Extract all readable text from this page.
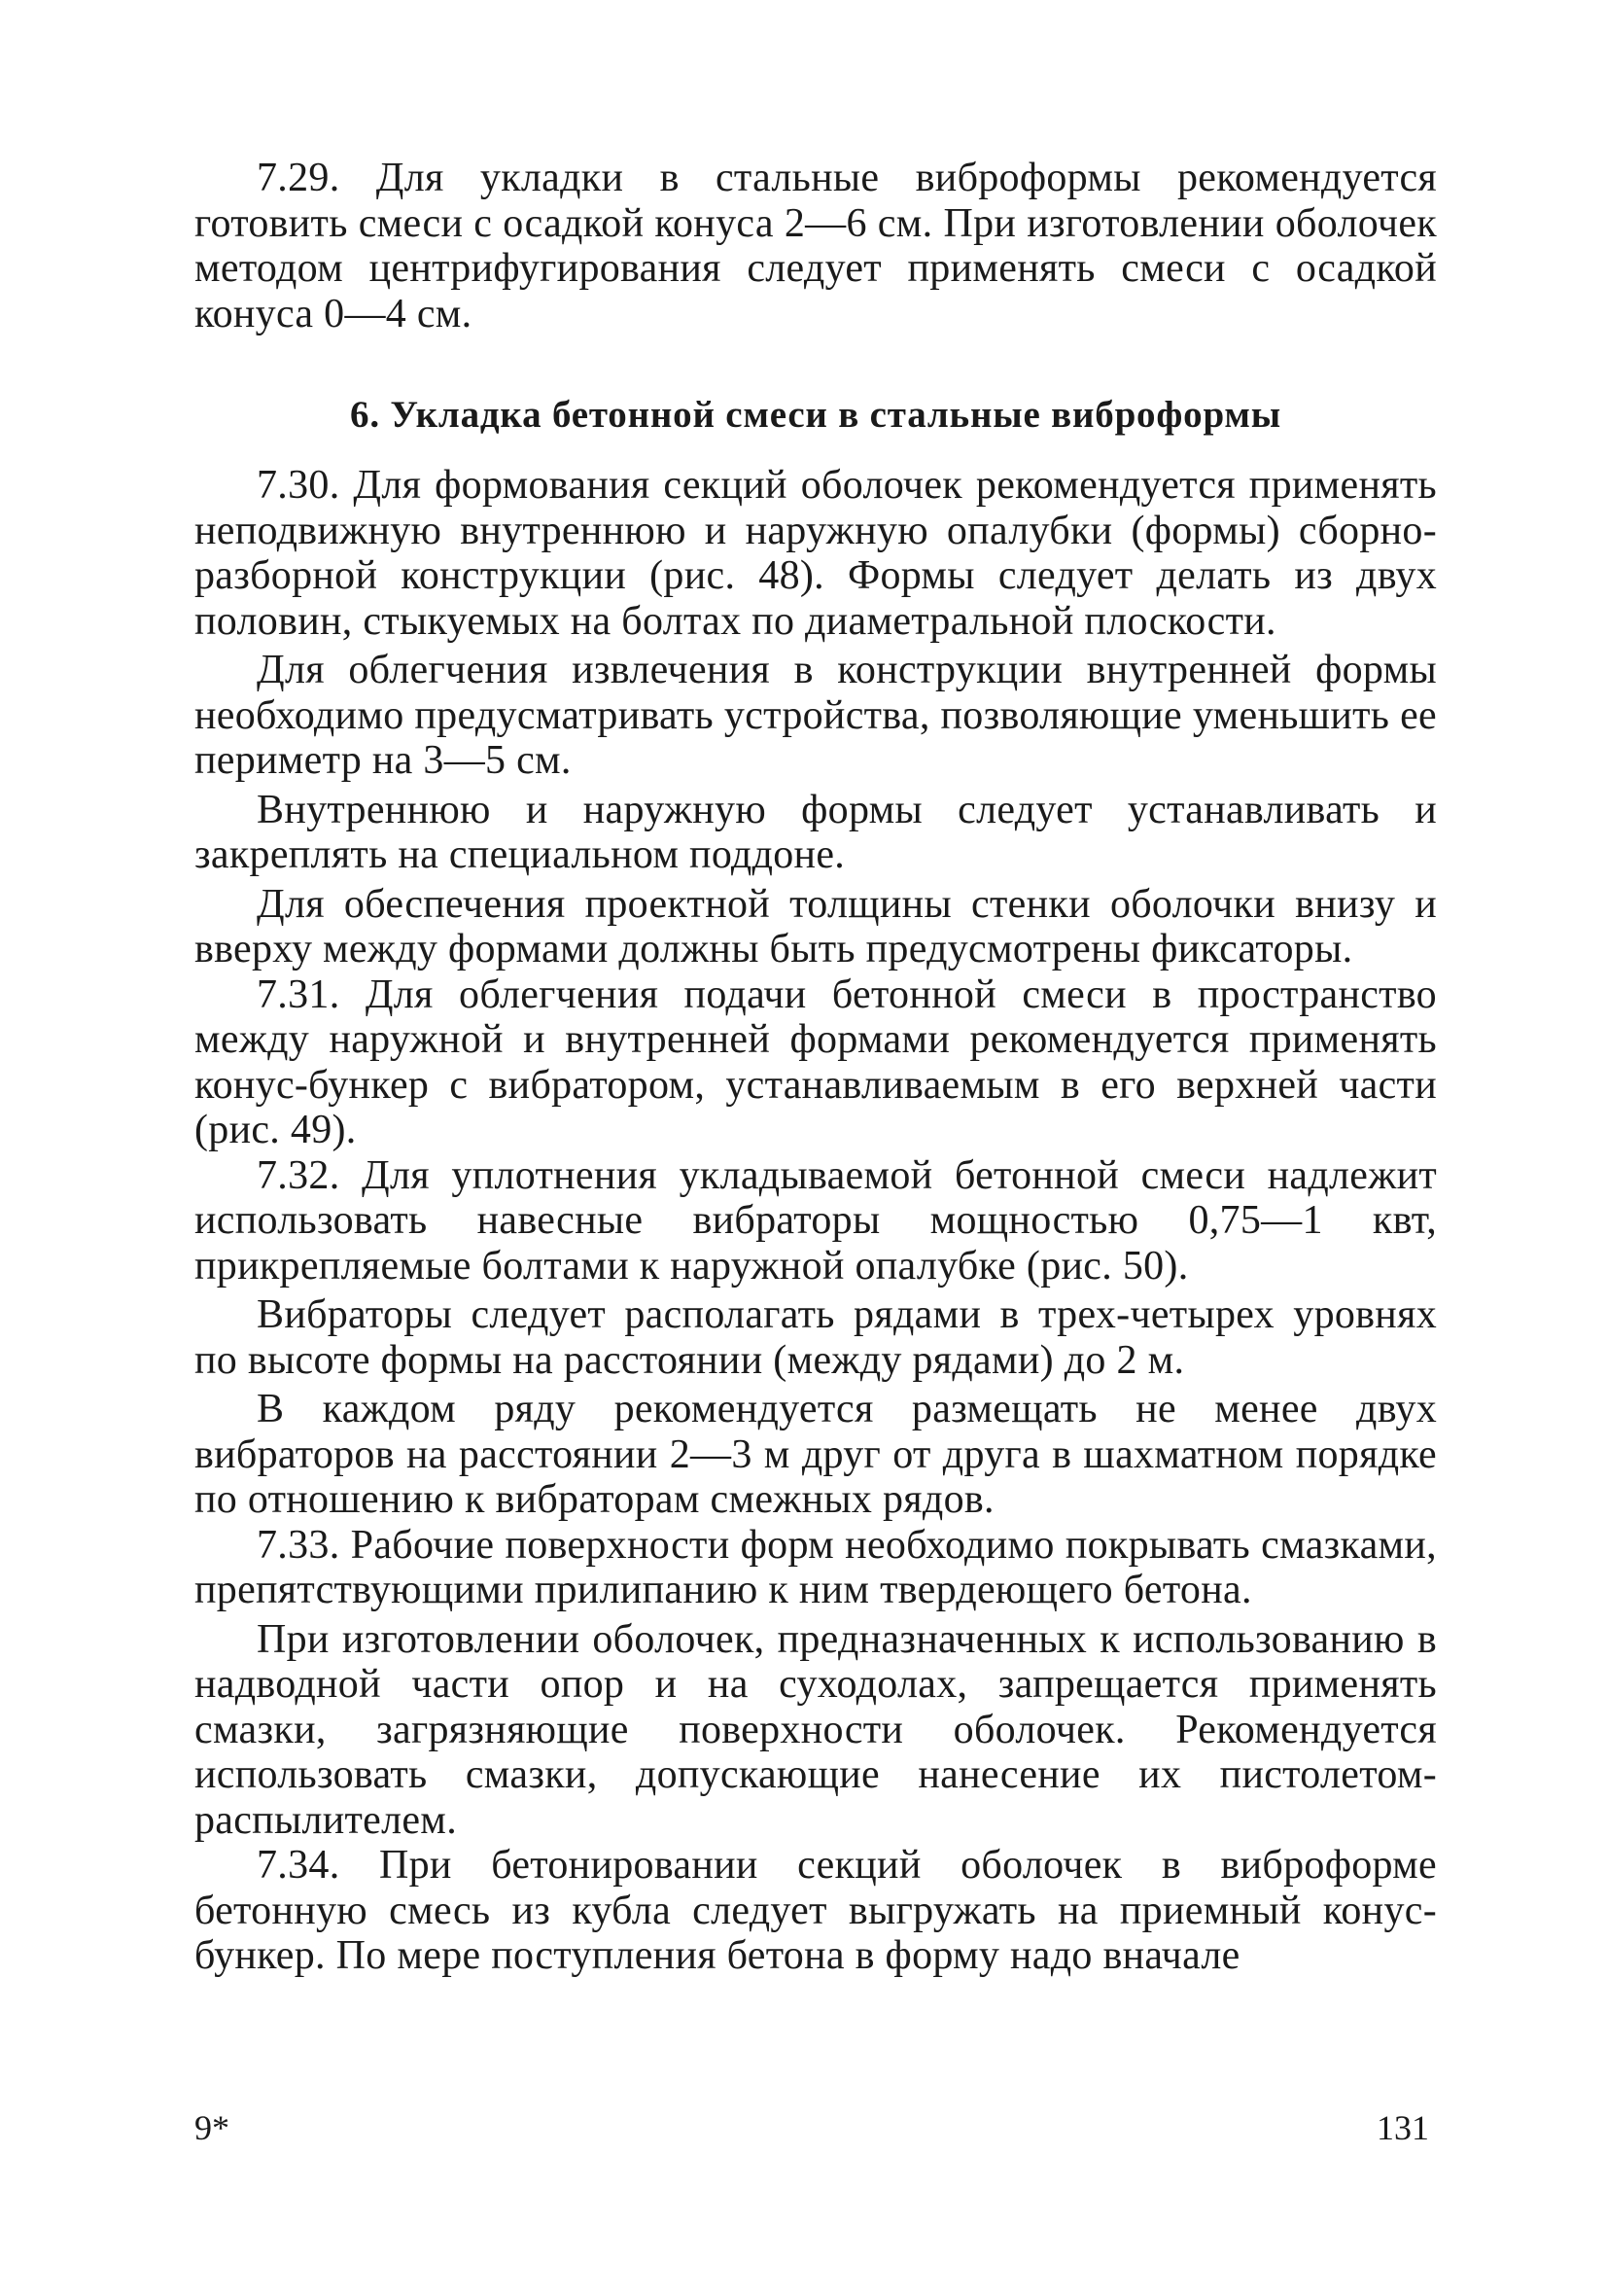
7.29. Для укладки в стальные виброформы рекомендуется готовить смеси с осадкой конуса 2—6 см. При изготовлении оболочек методом центрифугирования следует применять смеси с осадкой конуса 0—4 см.

6. Укладка бетонной смеси в стальные виброформы

7.30. Для формования секций оболочек рекомендуется применять неподвижную внутреннюю и наружную опалубки (формы) сборно-разборной конструкции (рис. 48). Формы следует делать из двух половин, стыкуемых на болтах по диаметральной плоскости.

Для облегчения извлечения в конструкции внутренней формы необходимо предусматривать устройства, позволяющие уменьшить ее периметр на 3—5 см.

Внутреннюю и наружную формы следует устанавливать и закреплять на специальном поддоне.

Для обеспечения проектной толщины стенки оболочки внизу и вверху между формами должны быть предусмотрены фиксаторы.

7.31. Для облегчения подачи бетонной смеси в пространство между наружной и внутренней формами рекомендуется применять конус-бункер с вибратором, устанавливаемым в его верхней части (рис. 49).

7.32. Для уплотнения укладываемой бетонной смеси надлежит использовать навесные вибраторы мощностью 0,75—1 квт, прикрепляемые болтами к наружной опалубке (рис. 50).

Вибраторы следует располагать рядами в трех-четырех уровнях по высоте формы на расстоянии (между рядами) до 2 м.

В каждом ряду рекомендуется размещать не менее двух вибраторов на расстоянии 2—3 м друг от друга в шахматном порядке по отношению к вибраторам смежных рядов.

7.33. Рабочие поверхности форм необходимо покрывать смазками, препятствующими прилипанию к ним твердеющего бетона.

При изготовлении оболочек, предназначенных к использованию в надводной части опор и на суходолах, запрещается применять смазки, загрязняющие поверхности оболочек. Рекомендуется использовать смазки, допускающие нанесение их пистолетом-распылителем.

7.34. При бетонировании секций оболочек в виброформе бетонную смесь из кубла следует выгружать на приемный конус-бункер. По мере поступления бетона в форму надо вначале

9*	131
